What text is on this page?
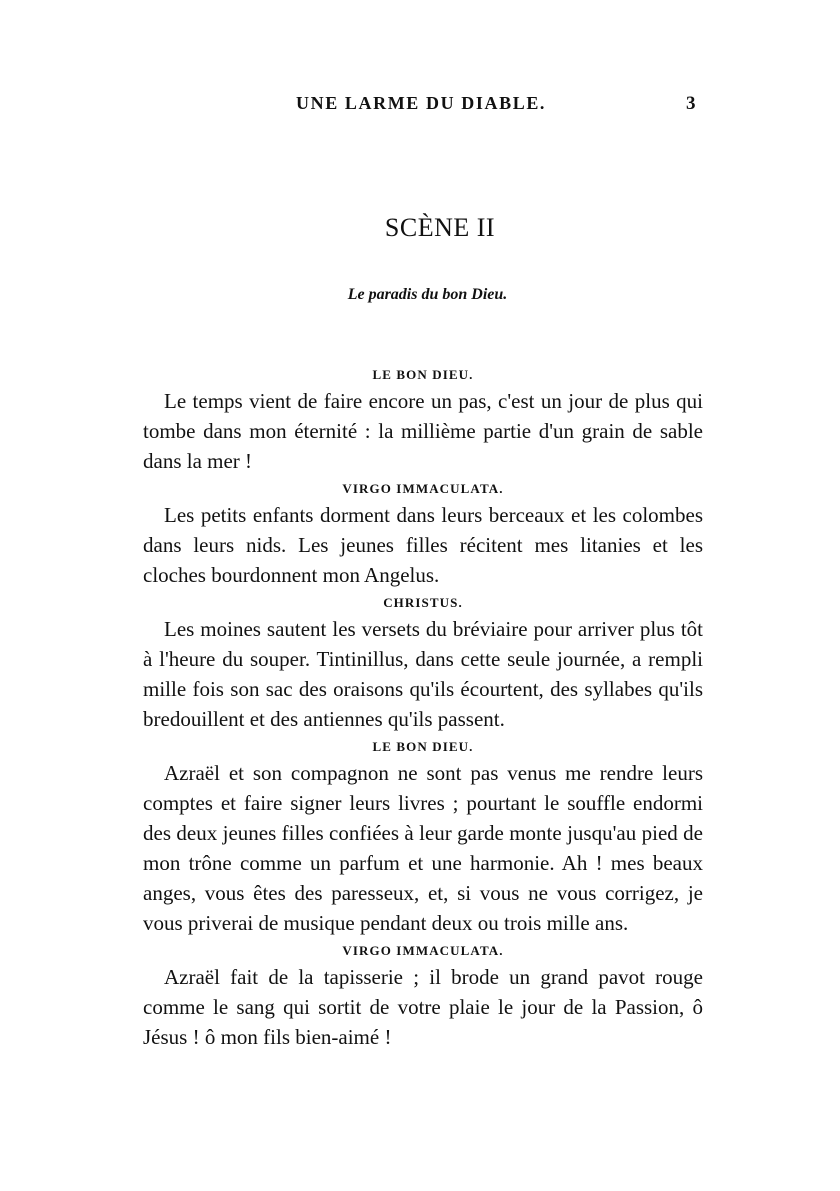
UNE LARME DU DIABLE.	3
SCÈNE II
Le paradis du bon Dieu.
LE BON DIEU.

Le temps vient de faire encore un pas, c'est un jour de plus qui tombe dans mon éternité : la millième partie d'un grain de sable dans la mer !

VIRGO IMMACULATA.

Les petits enfants dorment dans leurs berceaux et les colombes dans leurs nids. Les jeunes filles récitent mes litanies et les cloches bourdonnent mon Angelus.

CHRISTUS.

Les moines sautent les versets du bréviaire pour arriver plus tôt à l'heure du souper. Tintinillus, dans cette seule journée, a rempli mille fois son sac des oraisons qu'ils écourtent, des syllabes qu'ils bredouillent et des antiennes qu'ils passent.

LE BON DIEU.

Azraël et son compagnon ne sont pas venus me rendre leurs comptes et faire signer leurs livres ; pourtant le souffle endormi des deux jeunes filles confiées à leur garde monte jusqu'au pied de mon trône comme un parfum et une harmonie. Ah ! mes beaux anges, vous êtes des paresseux, et, si vous ne vous corrigez, je vous priverai de musique pendant deux ou trois mille ans.

VIRGO IMMACULATA.

Azraël fait de la tapisserie ; il brode un grand pavot rouge comme le sang qui sortit de votre plaie le jour de la Passion, ô Jésus ! ô mon fils bien-aimé !
